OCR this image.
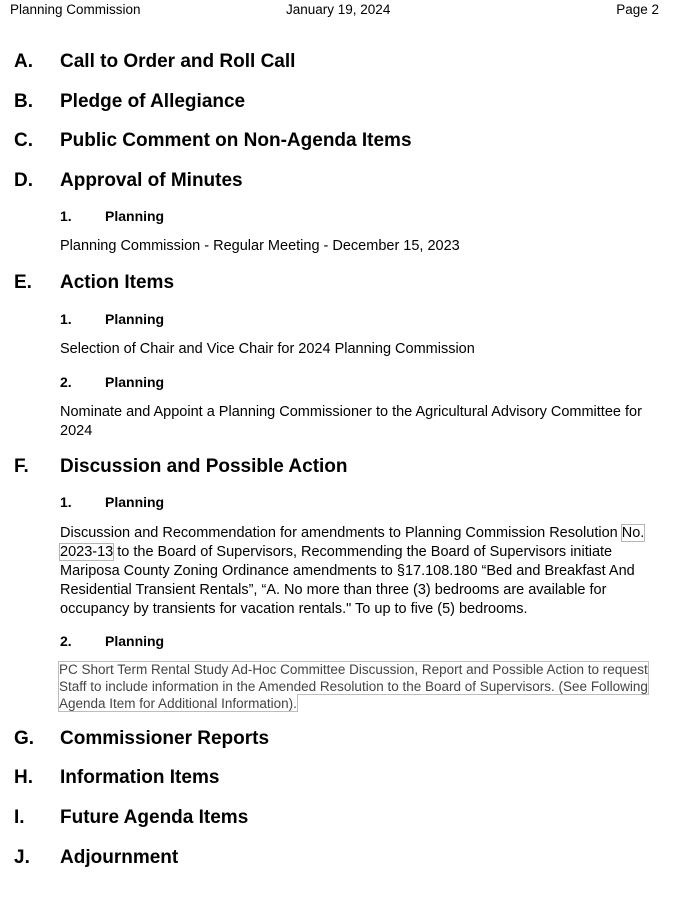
Planning Commission	January 19, 2024	Page 2
A.	Call to Order and Roll Call
B.	Pledge of Allegiance
C.	Public Comment on Non-Agenda Items
D.	Approval of Minutes
1. Planning
Planning Commission - Regular Meeting - December 15, 2023
E.	Action Items
1. Planning
Selection of Chair and Vice Chair for 2024 Planning Commission
2. Planning
Nominate and Appoint a Planning Commissioner to the Agricultural Advisory Committee for 2024
F.	Discussion and Possible Action
1. Planning
Discussion and Recommendation for amendments to Planning Commission Resolution No. 2023-13 to the Board of Supervisors, Recommending the Board of Supervisors initiate Mariposa County Zoning Ordinance amendments to §17.108.180 “Bed and Breakfast And Residential Transient Rentals”, “A. No more than three (3) bedrooms are available for occupancy by transients for vacation rentals." To up to five (5) bedrooms.
2. Planning
PC Short Term Rental Study Ad-Hoc Committee Discussion, Report and Possible Action to request Staff to include information in the Amended Resolution to the Board of Supervisors. (See Following Agenda Item for Additional Information).
G.	Commissioner Reports
H.	Information Items
I.	Future Agenda Items
J.	Adjournment
